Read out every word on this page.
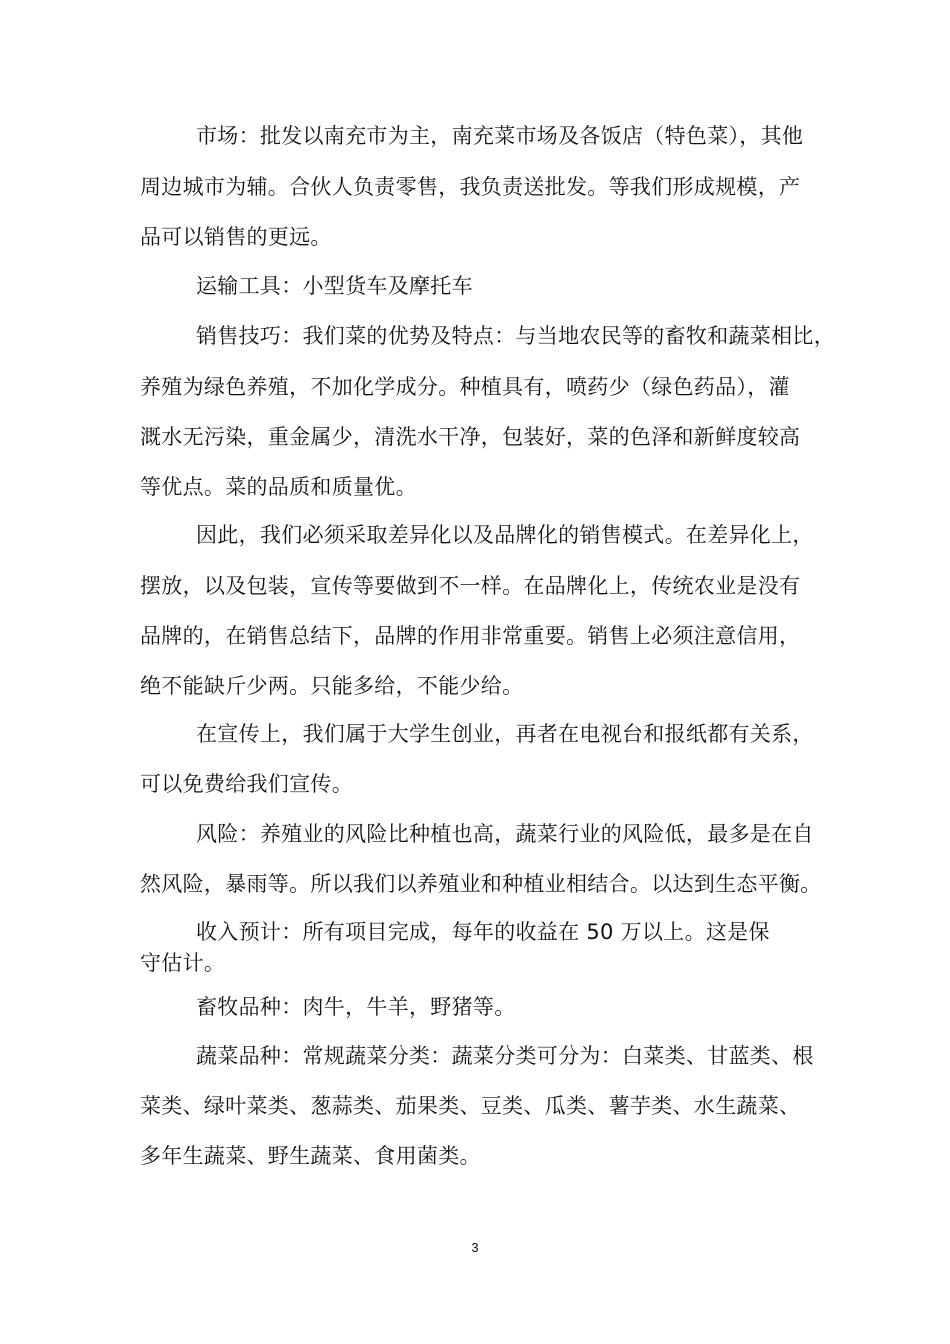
市场：批发以南充市为主，南充菜市场及各饭店（特色菜），其他
周边城市为辅。合伙人负责零售，我负责送批发。等我们形成规模，产
品可以销售的更远。
运输工具：小型货车及摩托车
销售技巧：我们菜的优势及特点：与当地农民等的畜牧和蔬菜相比，
养殖为绿色养殖，不加化学成分。种植具有，喷药少（绿色药品），灌
溉水无污染，重金属少，清洗水干净，包装好，菜的色泽和新鲜度较高
等优点。菜的品质和质量优。
因此，我们必须采取差异化以及品牌化的销售模式。在差异化上，
摆放，以及包装，宣传等要做到不一样。在品牌化上，传统农业是没有
品牌的，在销售总结下，品牌的作用非常重要。销售上必须注意信用，
绝不能缺斤少两。只能多给，不能少给。
在宣传上，我们属于大学生创业，再者在电视台和报纸都有关系，
可以免费给我们宣传。
风险：养殖业的风险比种植也高，蔬菜行业的风险低，最多是在自
然风险，暴雨等。所以我们以养殖业和种植业相结合。以达到生态平衡。
收入预计：所有项目完成，每年的收益在 50 万以上。这是保
守估计。
畜牧品种：肉牛，牛羊，野猪等。
蔬菜品种：常规蔬菜分类：蔬菜分类可分为：白菜类、甘蓝类、根
菜类、绿叶菜类、葱蒜类、茄果类、豆类、瓜类、薯芋类、水生蔬菜、
多年生蔬菜、野生蔬菜、食用菌类。
3
